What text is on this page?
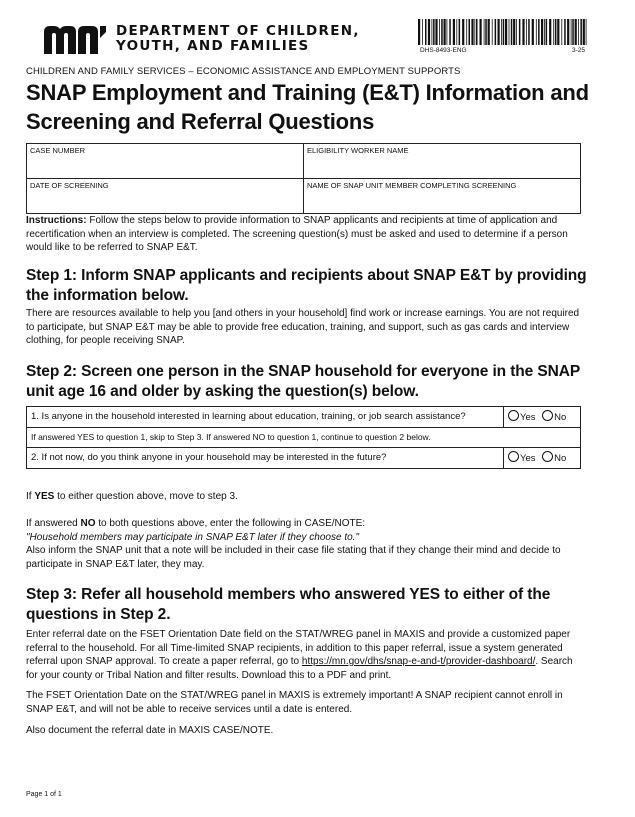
DEPARTMENT OF CHILDREN,
YOUTH, AND FAMILIES	DHS-8493-ENG	3-25
CHILDREN AND FAMILY SERVICES – ECONOMIC ASSISTANCE AND EMPLOYMENT SUPPORTS
SNAP Employment and Training (E&T) Information and Screening and Referral Questions
CASE NUMBER	ELIGIBILITY WORKER NAME
DATE OF SCREENING	NAME OF SNAP UNIT MEMBER COMPLETING SCREENING

Instructions: Follow the steps below to provide information to SNAP applicants and recipients at time of application and recertification when an interview is completed. The screening question(s) must be asked and used to determine if a person would like to be referred to SNAP E&T.

Step 1: Inform SNAP applicants and recipients about SNAP E&T by providing the information below.

There are resources available to help you [and others in your household] find work or increase earnings. You are not required to participate, but SNAP E&T may be able to provide free education, training, and support, such as gas cards and interview clothing, for people receiving SNAP.

Step 2: Screen one person in the SNAP household for everyone in the SNAP unit age 16 and older by asking the question(s) below.
1. Is anyone in the household interested in learning about education, training, or job search assistance?	Yes No
If answered YES to question 1, skip to Step 3. If answered NO to question 1, continue to question 2 below.	
2. If not now, do you think anyone in your household may be interested in the future?	Yes No

If YES to either question above, move to step 3.

If answered NO to both questions above, enter the following in CASE/NOTE:
"Household members may participate in SNAP E&T later if they choose to."
Also inform the SNAP unit that a note will be included in their case file stating that if they change their mind and decide to participate in SNAP E&T later, they may.

Step 3: Refer all household members who answered YES to either of the questions in Step 2.

Enter referral date on the FSET Orientation Date field on the STAT/WREG panel in MAXIS and provide a customized paper referral to the household. For all Time-limited SNAP recipients, in addition to this paper referral, issue a system generated referral upon SNAP approval. To create a paper referral, go to https://mn.gov/dhs/snap-e-and-t/provider-dashboard/. Search for your county or Tribal Nation and filter results. Download this to a PDF and print.

The FSET Orientation Date on the STAT/WREG panel in MAXIS is extremely important! A SNAP recipient cannot enroll in SNAP E&T, and will not be able to receive services until a date is entered.

Also document the referral date in MAXIS CASE/NOTE.

Page 1 of 1
